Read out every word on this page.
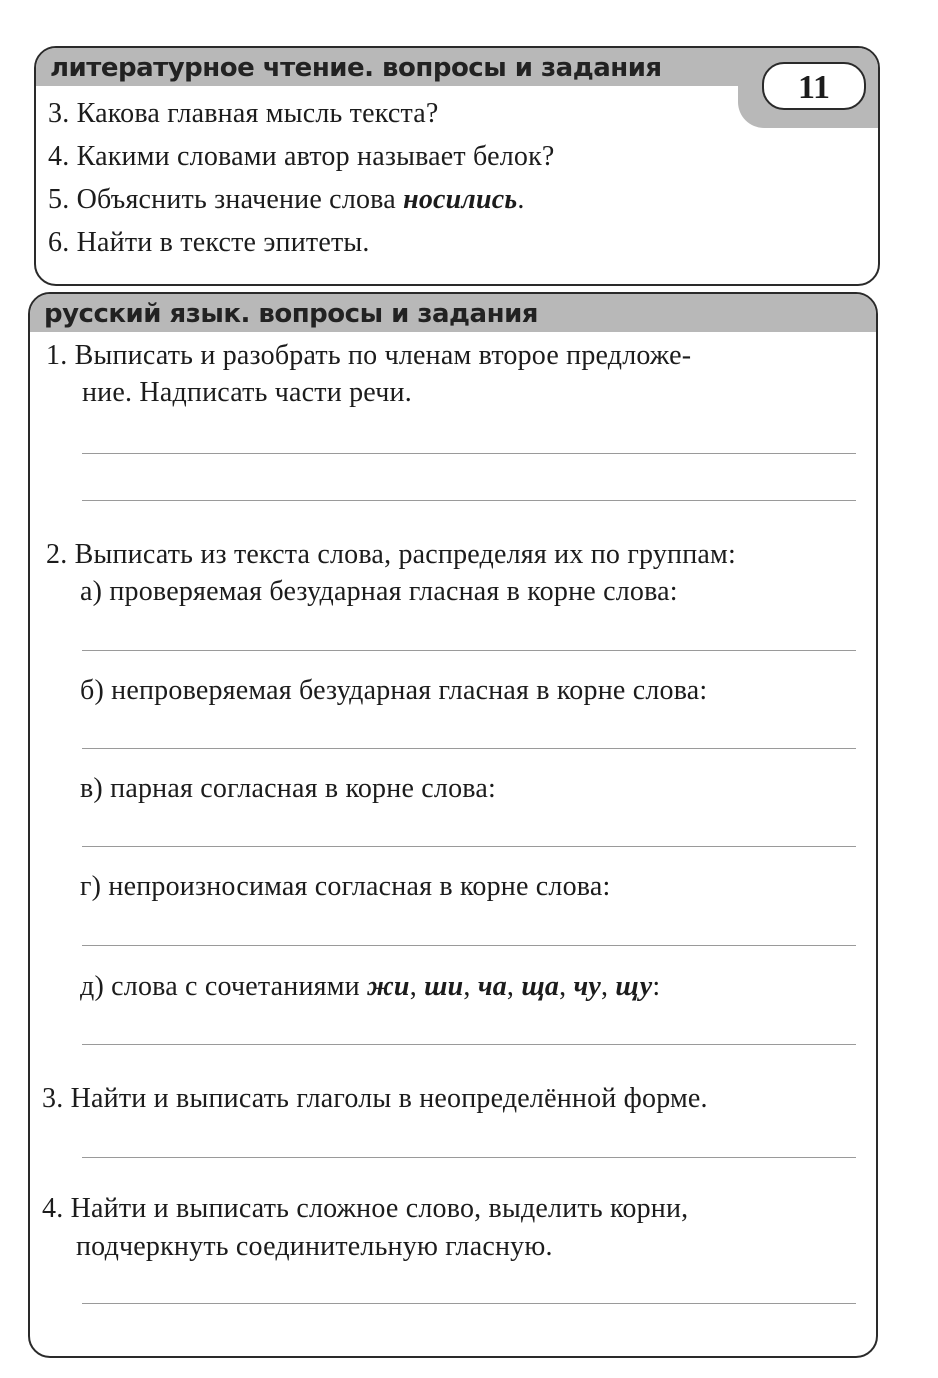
литературное чтение. вопросы и задания
11
3. Какова главная мысль текста?
4. Какими словами автор называет белок?
5. Объяснить значение слова носились.
6. Найти в тексте эпитеты.
русский язык. вопросы и задания
1. Выписать и разобрать по членам второе предложе-
ние. Надписать части речи.
2. Выписать из текста слова, распределяя их по группам:
а) проверяемая безударная гласная в корне слова:
б) непроверяемая безударная гласная в корне слова:
в) парная согласная в корне слова:
г) непроизносимая согласная в корне слова:
д) слова с сочетаниями жи, ши, ча, ща, чу, щу:
3. Найти и выписать глаголы в неопределённой форме.
4. Найти и выписать сложное слово, выделить корни,
подчеркнуть соединительную гласную.
